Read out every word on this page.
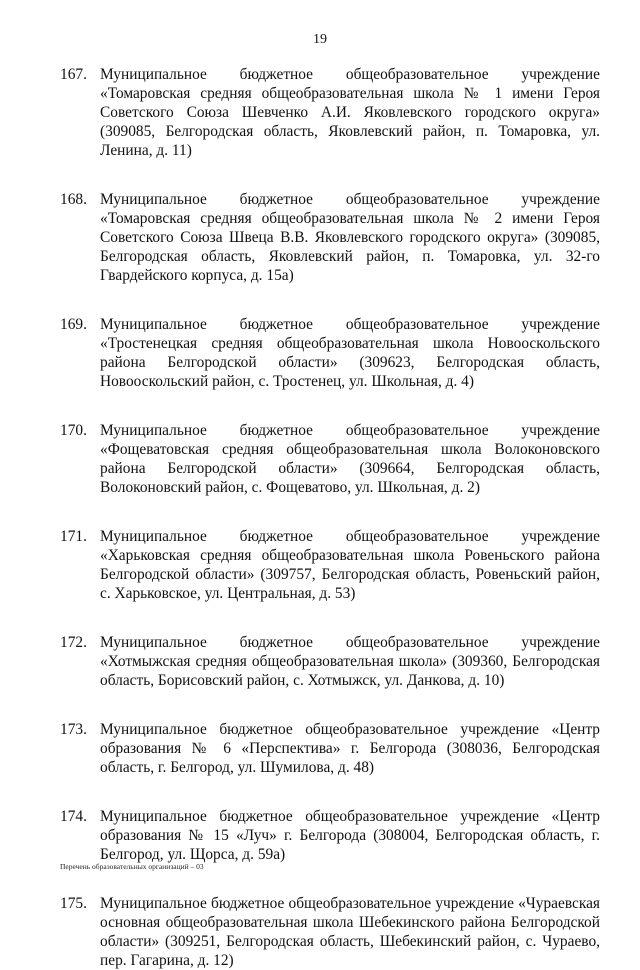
19
167. Муниципальное бюджетное общеобразовательное учреждение «Томаровская средняя общеобразовательная школа № 1 имени Героя Советского Союза Шевченко А.И. Яковлевского городского округа» (309085, Белгородская область, Яковлевский район, п. Томаровка, ул. Ленина, д. 11)
168. Муниципальное бюджетное общеобразовательное учреждение «Томаровская средняя общеобразовательная школа № 2 имени Героя Советского Союза Швеца В.В. Яковлевского городского округа» (309085, Белгородская область, Яковлевский район, п. Томаровка, ул. 32-го Гвардейского корпуса, д. 15а)
169. Муниципальное бюджетное общеобразовательное учреждение «Тростенецкая средняя общеобразовательная школа Новооскольского района Белгородской области» (309623, Белгородская область, Новооскольский район, с. Тростенец, ул. Школьная, д. 4)
170. Муниципальное бюджетное общеобразовательное учреждение «Фощеватовская средняя общеобразовательная школа Волоконовского района Белгородской области» (309664, Белгородская область, Волоконовский район, с. Фощеватово, ул. Школьная, д. 2)
171. Муниципальное бюджетное общеобразовательное учреждение «Харьковская средняя общеобразовательная школа Ровеньского района Белгородской области» (309757, Белгородская область, Ровеньский район, с. Харьковское, ул. Центральная, д. 53)
172. Муниципальное бюджетное общеобразовательное учреждение «Хотмыжская средняя общеобразовательная школа» (309360, Белгородская область, Борисовский район, с. Хотмыжск, ул. Данкова, д. 10)
173. Муниципальное бюджетное общеобразовательное учреждение «Центр образования № 6 «Перспектива» г. Белгорода (308036, Белгородская область, г. Белгород, ул. Шумилова, д. 48)
174. Муниципальное бюджетное общеобразовательное учреждение «Центр образования № 15 «Луч» г. Белгорода (308004, Белгородская область, г. Белгород, ул. Щорса, д. 59а)
175. Муниципальное бюджетное общеобразовательное учреждение «Чураевская основная общеобразовательная школа Шебекинского района Белгородской области» (309251, Белгородская область, Шебекинский район, с. Чураево, пер. Гагарина, д. 12)
Перечень образовательных организаций – 03
